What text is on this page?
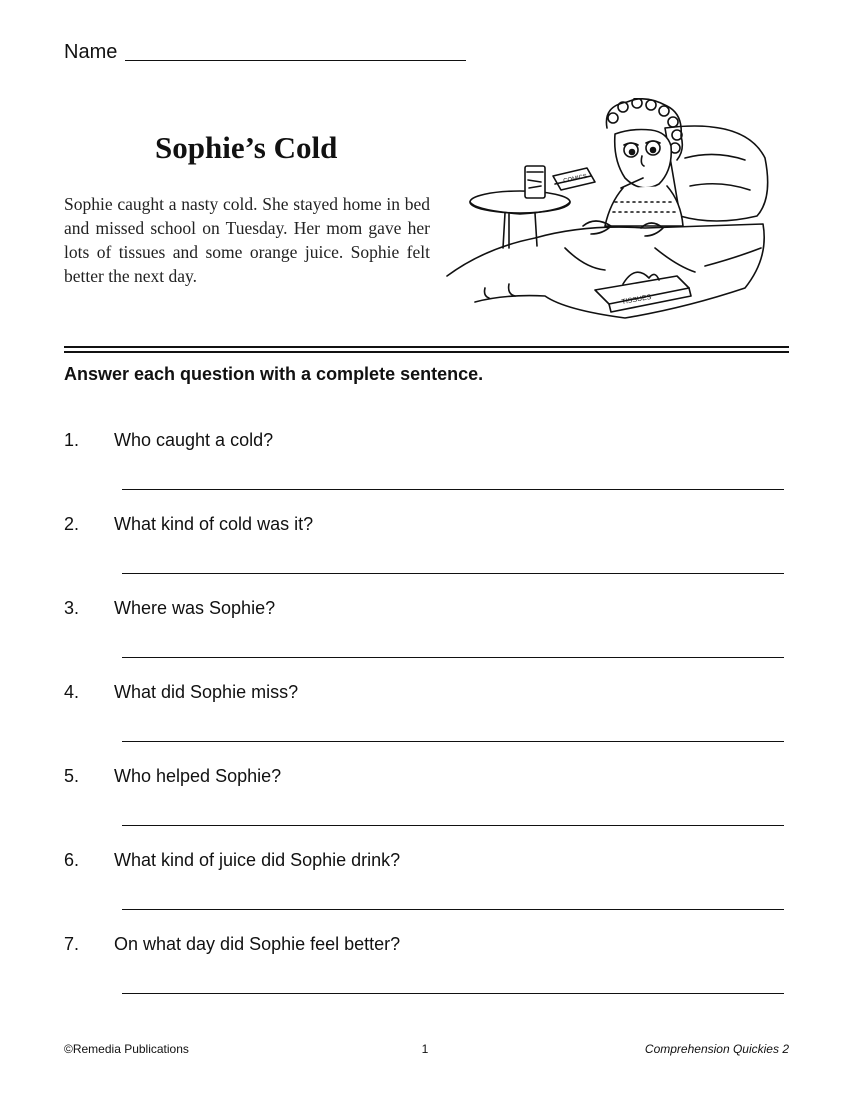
Name
Sophie’s Cold
Sophie caught a nasty cold. She stayed home in bed and missed school on Tuesday. Her mom gave her lots of tissues and some orange juice. Sophie felt better the next day.
COMICS
TISSUES
Answer each question with a complete sentence.
1. Who caught a cold?
2. What kind of cold was it?
3. Where was Sophie?
4. What did Sophie miss?
5. Who helped Sophie?
6. What kind of juice did Sophie drink?
7. On what day did Sophie feel better?
©Remedia Publications	1	Comprehension Quickies 2
